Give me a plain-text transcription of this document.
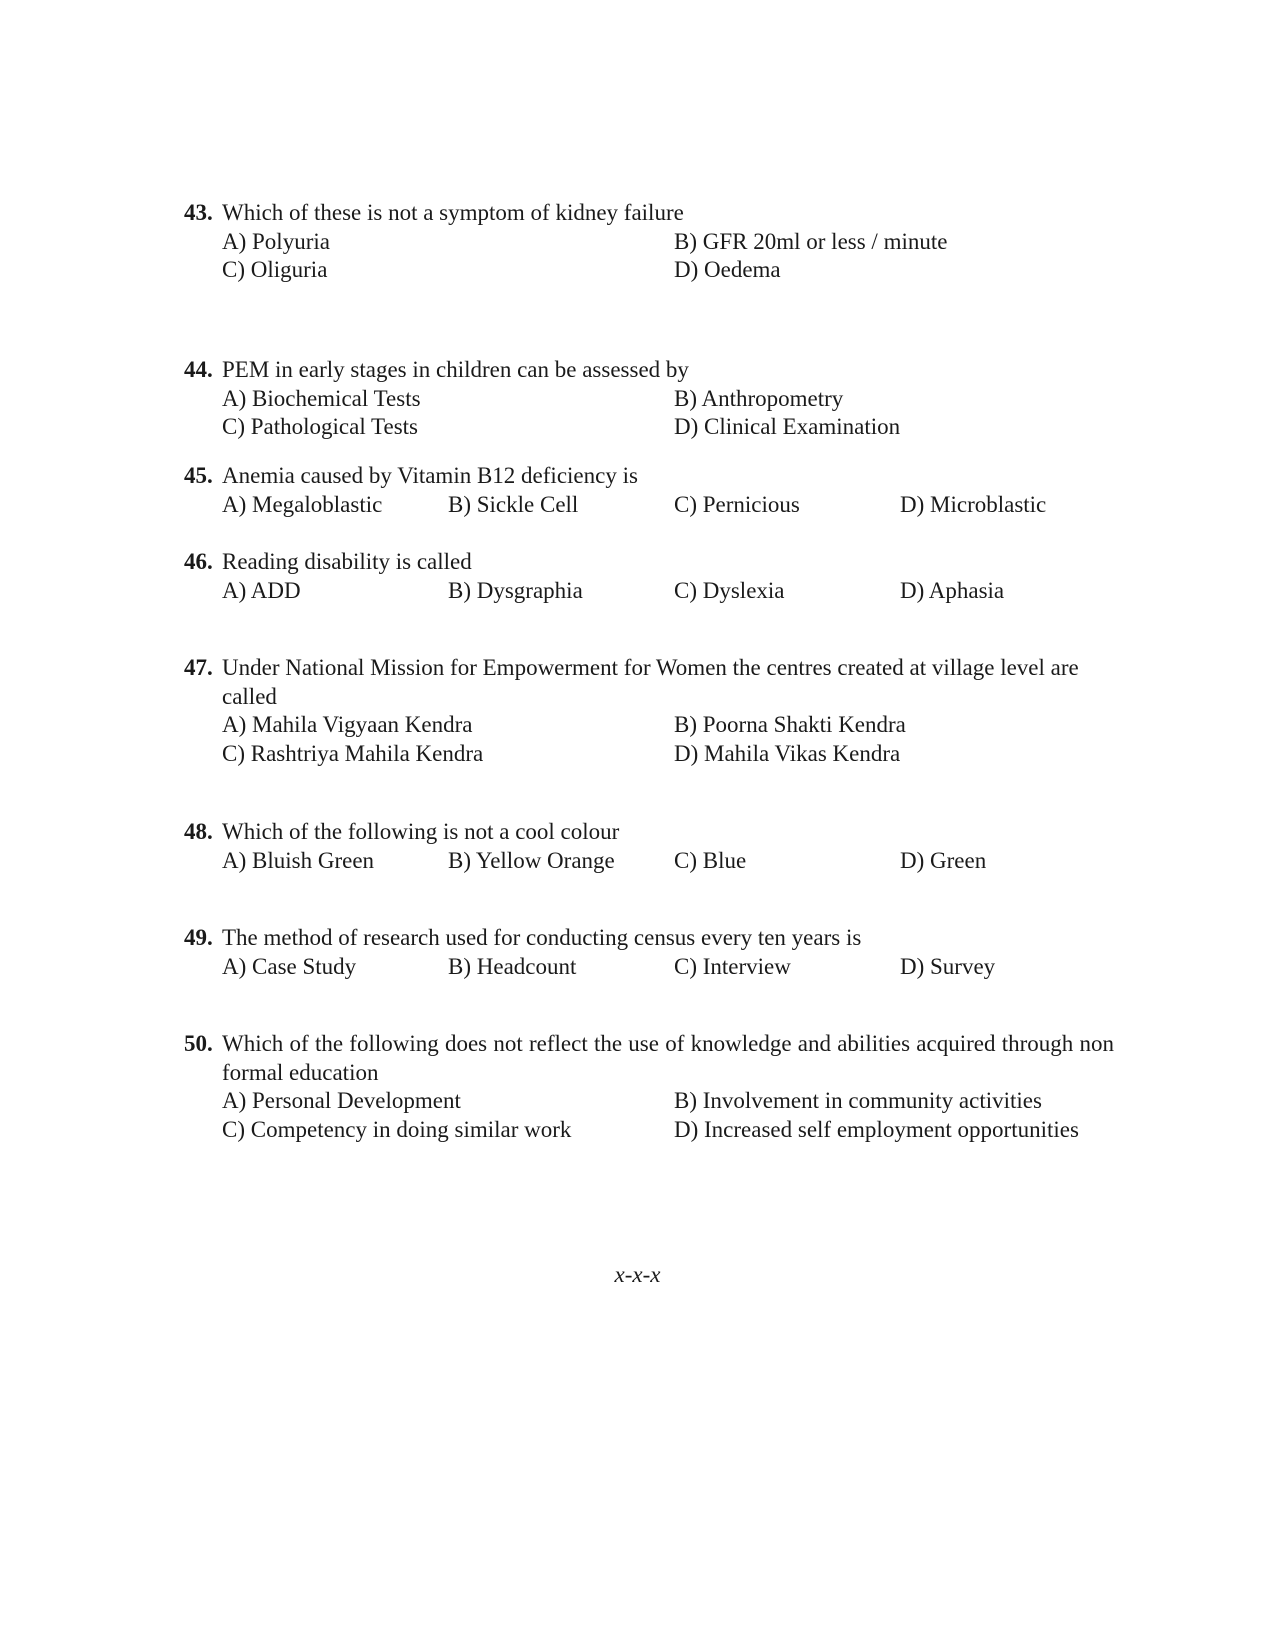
43. Which of these is not a symptom of kidney failure
A) Polyuria	B) GFR 20ml or less / minute
C) Oliguria	D) Oedema
44. PEM in early stages in children can be assessed by
A) Biochemical Tests	B) Anthropometry
C) Pathological Tests	D) Clinical Examination
45. Anemia caused by Vitamin B12 deficiency is
A) Megaloblastic	B) Sickle Cell	C) Pernicious	D) Microblastic
46. Reading disability is called
A) ADD	B) Dysgraphia	C) Dyslexia	D) Aphasia
47. Under National Mission for Empowerment for Women the centres created at village level are called
A) Mahila Vigyaan Kendra	B) Poorna Shakti Kendra
C) Rashtriya Mahila Kendra	D) Mahila Vikas Kendra
48. Which of the following is not a cool colour
A) Bluish Green	B) Yellow Orange	C) Blue	D) Green
49. The method of research used for conducting census every ten years is
A) Case Study	B) Headcount	C) Interview	D) Survey
50. Which of the following does not reflect the use of knowledge and abilities acquired through non formal education
A) Personal Development	B) Involvement in community activities
C) Competency in doing similar work	D) Increased self employment opportunities
x-x-x
